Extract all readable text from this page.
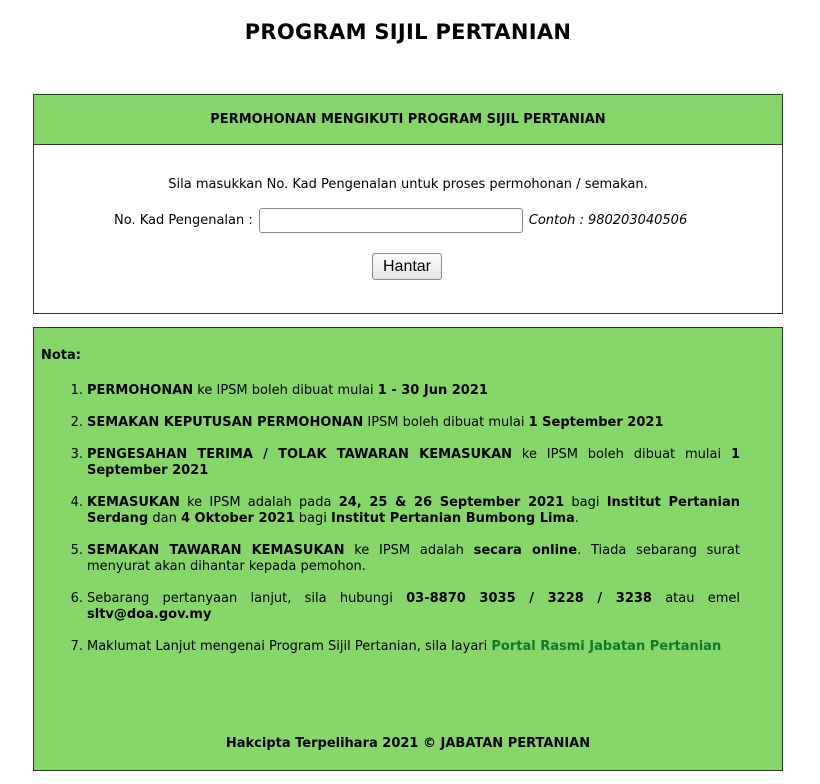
PROGRAM SIJIL PERTANIAN
PERMOHONAN MENGIKUTI PROGRAM SIJIL PERTANIAN
Sila masukkan No. Kad Pengenalan untuk proses permohonan / semakan.
No. Kad Pengenalan :	Contoh : 980203040506
Hantar
Nota:
1. PERMOHONAN ke IPSM boleh dibuat mulai 1 - 30 Jun 2021
2. SEMAKAN KEPUTUSAN PERMOHONAN IPSM boleh dibuat mulai 1 September 2021
3. PENGESAHAN TERIMA / TOLAK TAWARAN KEMASUKAN ke IPSM boleh dibuat mulai 1 September 2021
4. KEMASUKAN ke IPSM adalah pada 24, 25 & 26 September 2021 bagi Institut Pertanian Serdang dan 4 Oktober 2021 bagi Institut Pertanian Bumbong Lima.
5. SEMAKAN TAWARAN KEMASUKAN ke IPSM adalah secara online. Tiada sebarang surat menyurat akan dihantar kepada pemohon.
6. Sebarang pertanyaan lanjut, sila hubungi 03-8870 3035 / 3228 / 3238 atau emel sltv@doa.gov.my
7. Maklumat Lanjut mengenai Program Sijil Pertanian, sila layari Portal Rasmi Jabatan Pertanian
Hakcipta Terpelihara 2021 © JABATAN PERTANIAN
